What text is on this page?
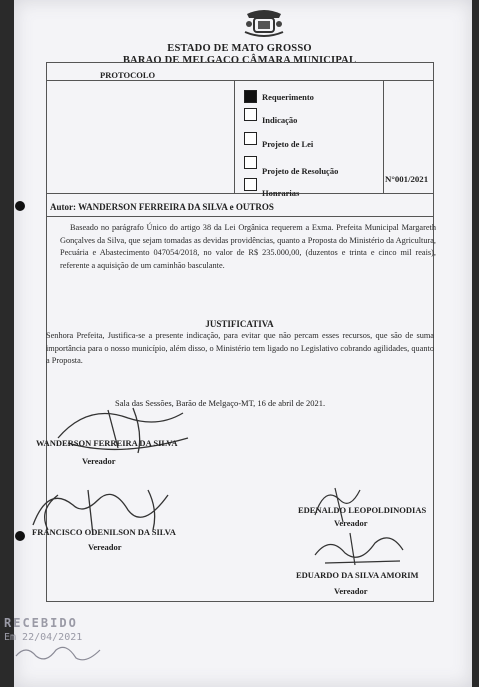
ESTADO DE MATO GROSSO
BARAO DE MELGACO CÂMARA MUNICIPAL
PROTOCOLO
Requerimento
Indicação
Projeto de Lei
Projeto de Resolução
Honrarias
N°001/2021
Autor: WANDERSON FERREIRA DA SILVA e OUTROS
Baseado no parágrafo Único do artigo 38 da Lei Orgânica requerem a Exma. Prefeita Municipal Margareth Gonçalves da Silva, que sejam tomadas as devidas providências, quanto a Proposta do Ministério da Agricultura, Pecuária e Abastecimento 047054/2018, no valor de R$ 235.000,00, (duzentos e trinta e cinco mil reais), referente a aquisição de um caminhão basculante.
JUSTIFICATIVA
Senhora Prefeita, Justifica-se a presente indicação, para evitar que não percam esses recursos, que são de suma importância para o nosso município, além disso, o Ministério tem ligado no Legislativo cobrando agilidades, quanto a Proposta.
Sala das Sessões, Barão de Melgaço-MT, 16 de abril de 2021.
WANDERSON FERREIRA DA SILVA
Vereador
EDENALDO LEOPOLDINODIAS
Vereador
FRANCISCO ODENILSON DA SILVA
Vereador
EDUARDO DA SILVA AMORIM
Vereador
RECEBIDO
Em 22/04/2021
